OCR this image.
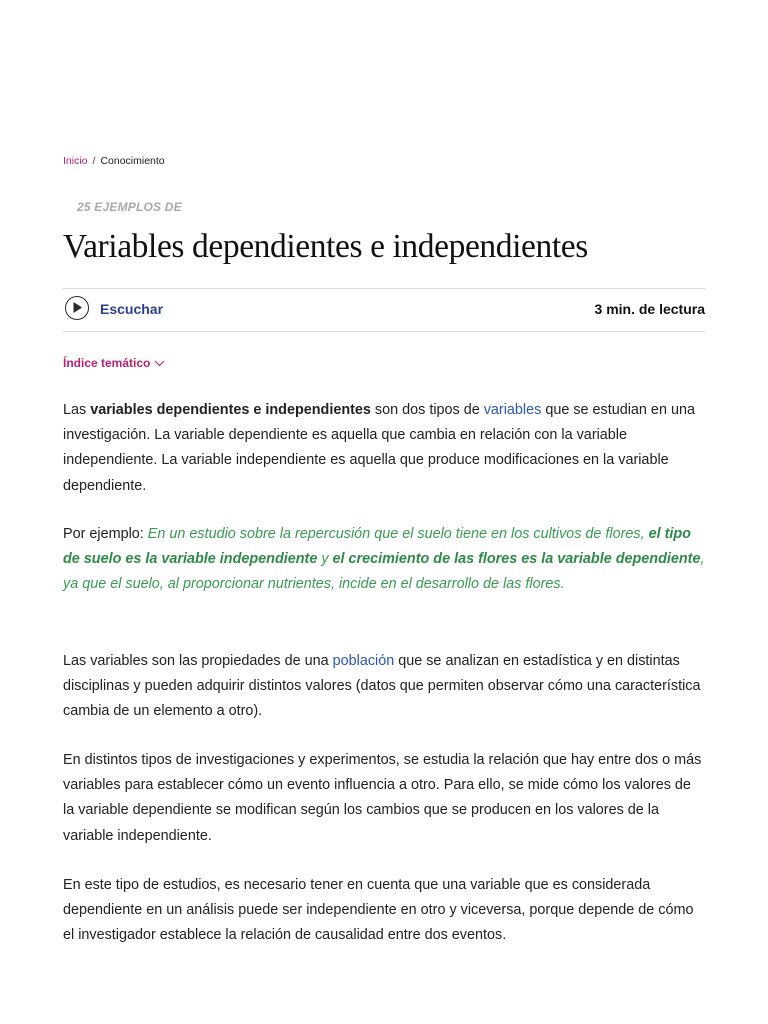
Inicio / Conocimiento
25 EJEMPLOS DE
Variables dependientes e independientes
Escuchar	3 min. de lectura
Índice temático

Las variables dependientes e independientes son dos tipos de variables que se estudian en una investigación. La variable dependiente es aquella que cambia en relación con la variable independiente. La variable independiente es aquella que produce modificaciones en la variable dependiente.

Por ejemplo: En un estudio sobre la repercusión que el suelo tiene en los cultivos de flores, el tipo de suelo es la variable independiente y el crecimiento de las flores es la variable dependiente, ya que el suelo, al proporcionar nutrientes, incide en el desarrollo de las flores.

Las variables son las propiedades de una población que se analizan en estadística y en distintas disciplinas y pueden adquirir distintos valores (datos que permiten observar cómo una característica cambia de un elemento a otro).

En distintos tipos de investigaciones y experimentos, se estudia la relación que hay entre dos o más variables para establecer cómo un evento influencia a otro. Para ello, se mide cómo los valores de la variable dependiente se modifican según los cambios que se producen en los valores de la variable independiente.

En este tipo de estudios, es necesario tener en cuenta que una variable que es considerada dependiente en un análisis puede ser independiente en otro y viceversa, porque depende de cómo el investigador establece la relación de causalidad entre dos eventos.
